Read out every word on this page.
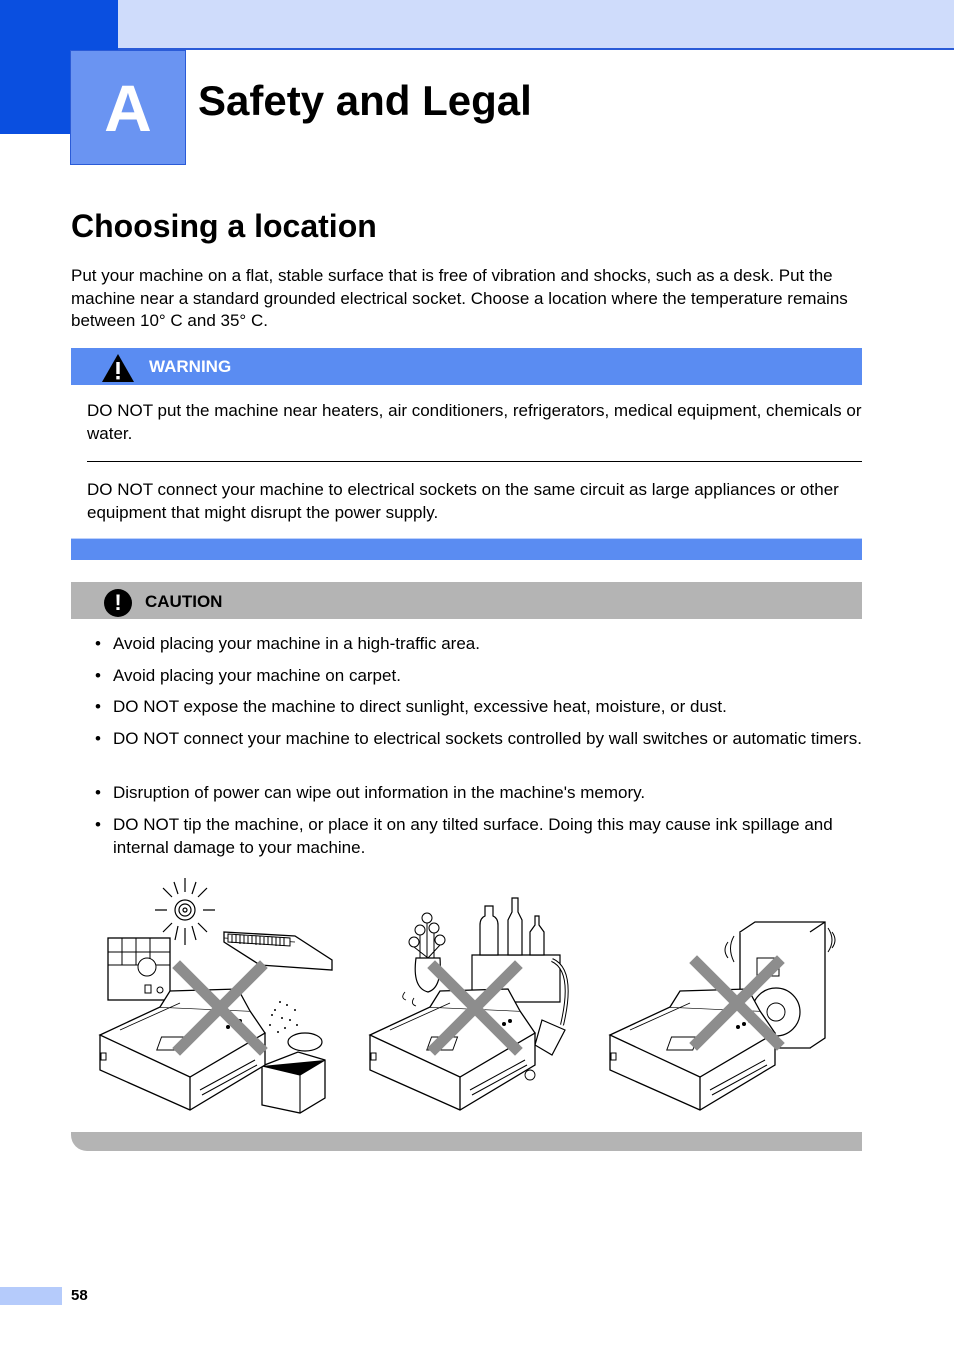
A	Safety and Legal
Choosing a location
Put your machine on a flat, stable surface that is free of vibration and shocks, such as a desk. Put the machine near a standard grounded electrical socket. Choose a location where the temperature remains between 10° C and 35° C.
WARNING
DO NOT put the machine near heaters, air conditioners, refrigerators, medical equipment, chemicals or water.
DO NOT connect your machine to electrical sockets on the same circuit as large appliances or other equipment that might disrupt the power supply.
!	CAUTION
• Avoid placing your machine in a high-traffic area.
• Avoid placing your machine on carpet.
• DO NOT expose the machine to direct sunlight, excessive heat, moisture, or dust.
• DO NOT connect your machine to electrical sockets controlled by wall switches or automatic timers.
• Disruption of power can wipe out information in the machine's memory.
• DO NOT tip the machine, or place it on any tilted surface. Doing this may cause ink spillage and internal damage to your machine.
58
